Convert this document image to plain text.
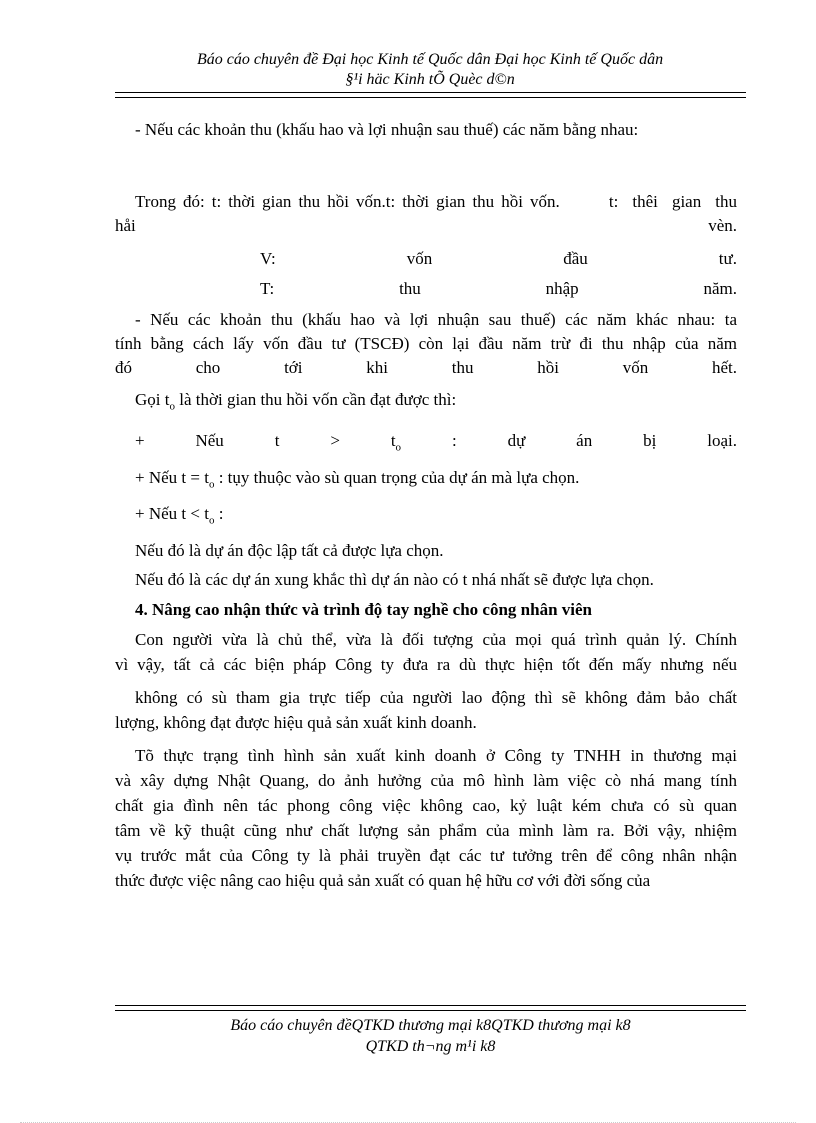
Báo cáo chuyên đề Đại học Kinh tế Quốc dân Đại học Kinh tế Quốc dân
§¹i häc Kinh tÕ Quèc d©n

- Nếu các khoản thu (khấu hao và lợi nhuận sau thuế) các năm bằng nhau:

Trong đó: t: thời gian thu hồi vốn.t: thời gian thu hồi vốn.       t:  thêi  gian  thu

håi                                                                                                vèn.

V:                          vốn                          đầu                          tư.

T:                          thu                          nhập                          năm.

- Nếu các khoản thu (khấu hao và lợi nhuận sau thuế) các năm khác nhau: ta

tính bằng cách lấy vốn đầu tư (TSCĐ) còn lại đầu năm trừ đi thu nhập của năm

đó             cho             tới             khi             thu             hồi             vốn             hết.

Gọi $t_o$ là thời gian thu hồi vốn cần đạt được thì:

+	Nếu	t	>	$t_o$	:	dự	án	bị	loại.

+ Nếu $t = t_o$ : tụy thuộc vào sù quan trọng của dự án mà lựa chọn.

+ Nếu $t < t_o$ :

Nếu đó là dự án độc lập tất cả được lựa chọn.

Nếu đó là các dự án xung khắc thì dự án nào có t nhá nhất sẽ được lựa chọn.

4. Nâng cao nhận thức và trình độ tay nghề cho công nhân viên

Con người vừa là chủ thể, vừa là đối tượng của mọi quá trình quản lý. Chính

vì vậy, tất cả các biện pháp Công ty đưa ra dù thực hiện tốt đến mấy nhưng nếu

không có sù tham gia trực tiếp của người lao động thì sẽ không đảm bảo chất

lượng, không đạt được hiệu quả sản xuất kinh doanh.

Tõ thực trạng tình hình sản xuất kinh doanh ở Công ty TNHH in thương mại

và xây dựng Nhật Quang, do ảnh hưởng của mô hình làm việc cò nhá mang tính

chất gia đình nên tác phong công việc không cao, kỷ luật kém chưa có sù quan

tâm về kỹ thuật cũng như chất lượng sản phẩm của mình làm ra. Bởi vậy, nhiệm

vụ trước mắt của Công ty là phải truyền đạt các tư tưởng trên để công nhân nhận

thức được việc nâng cao hiệu quả sản xuất có quan hệ hữu cơ với đời sống của

Báo cáo chuyên đềQTKD thương mại k8QTKD thương mại k8
QTKD th¬ng m¹i k8
